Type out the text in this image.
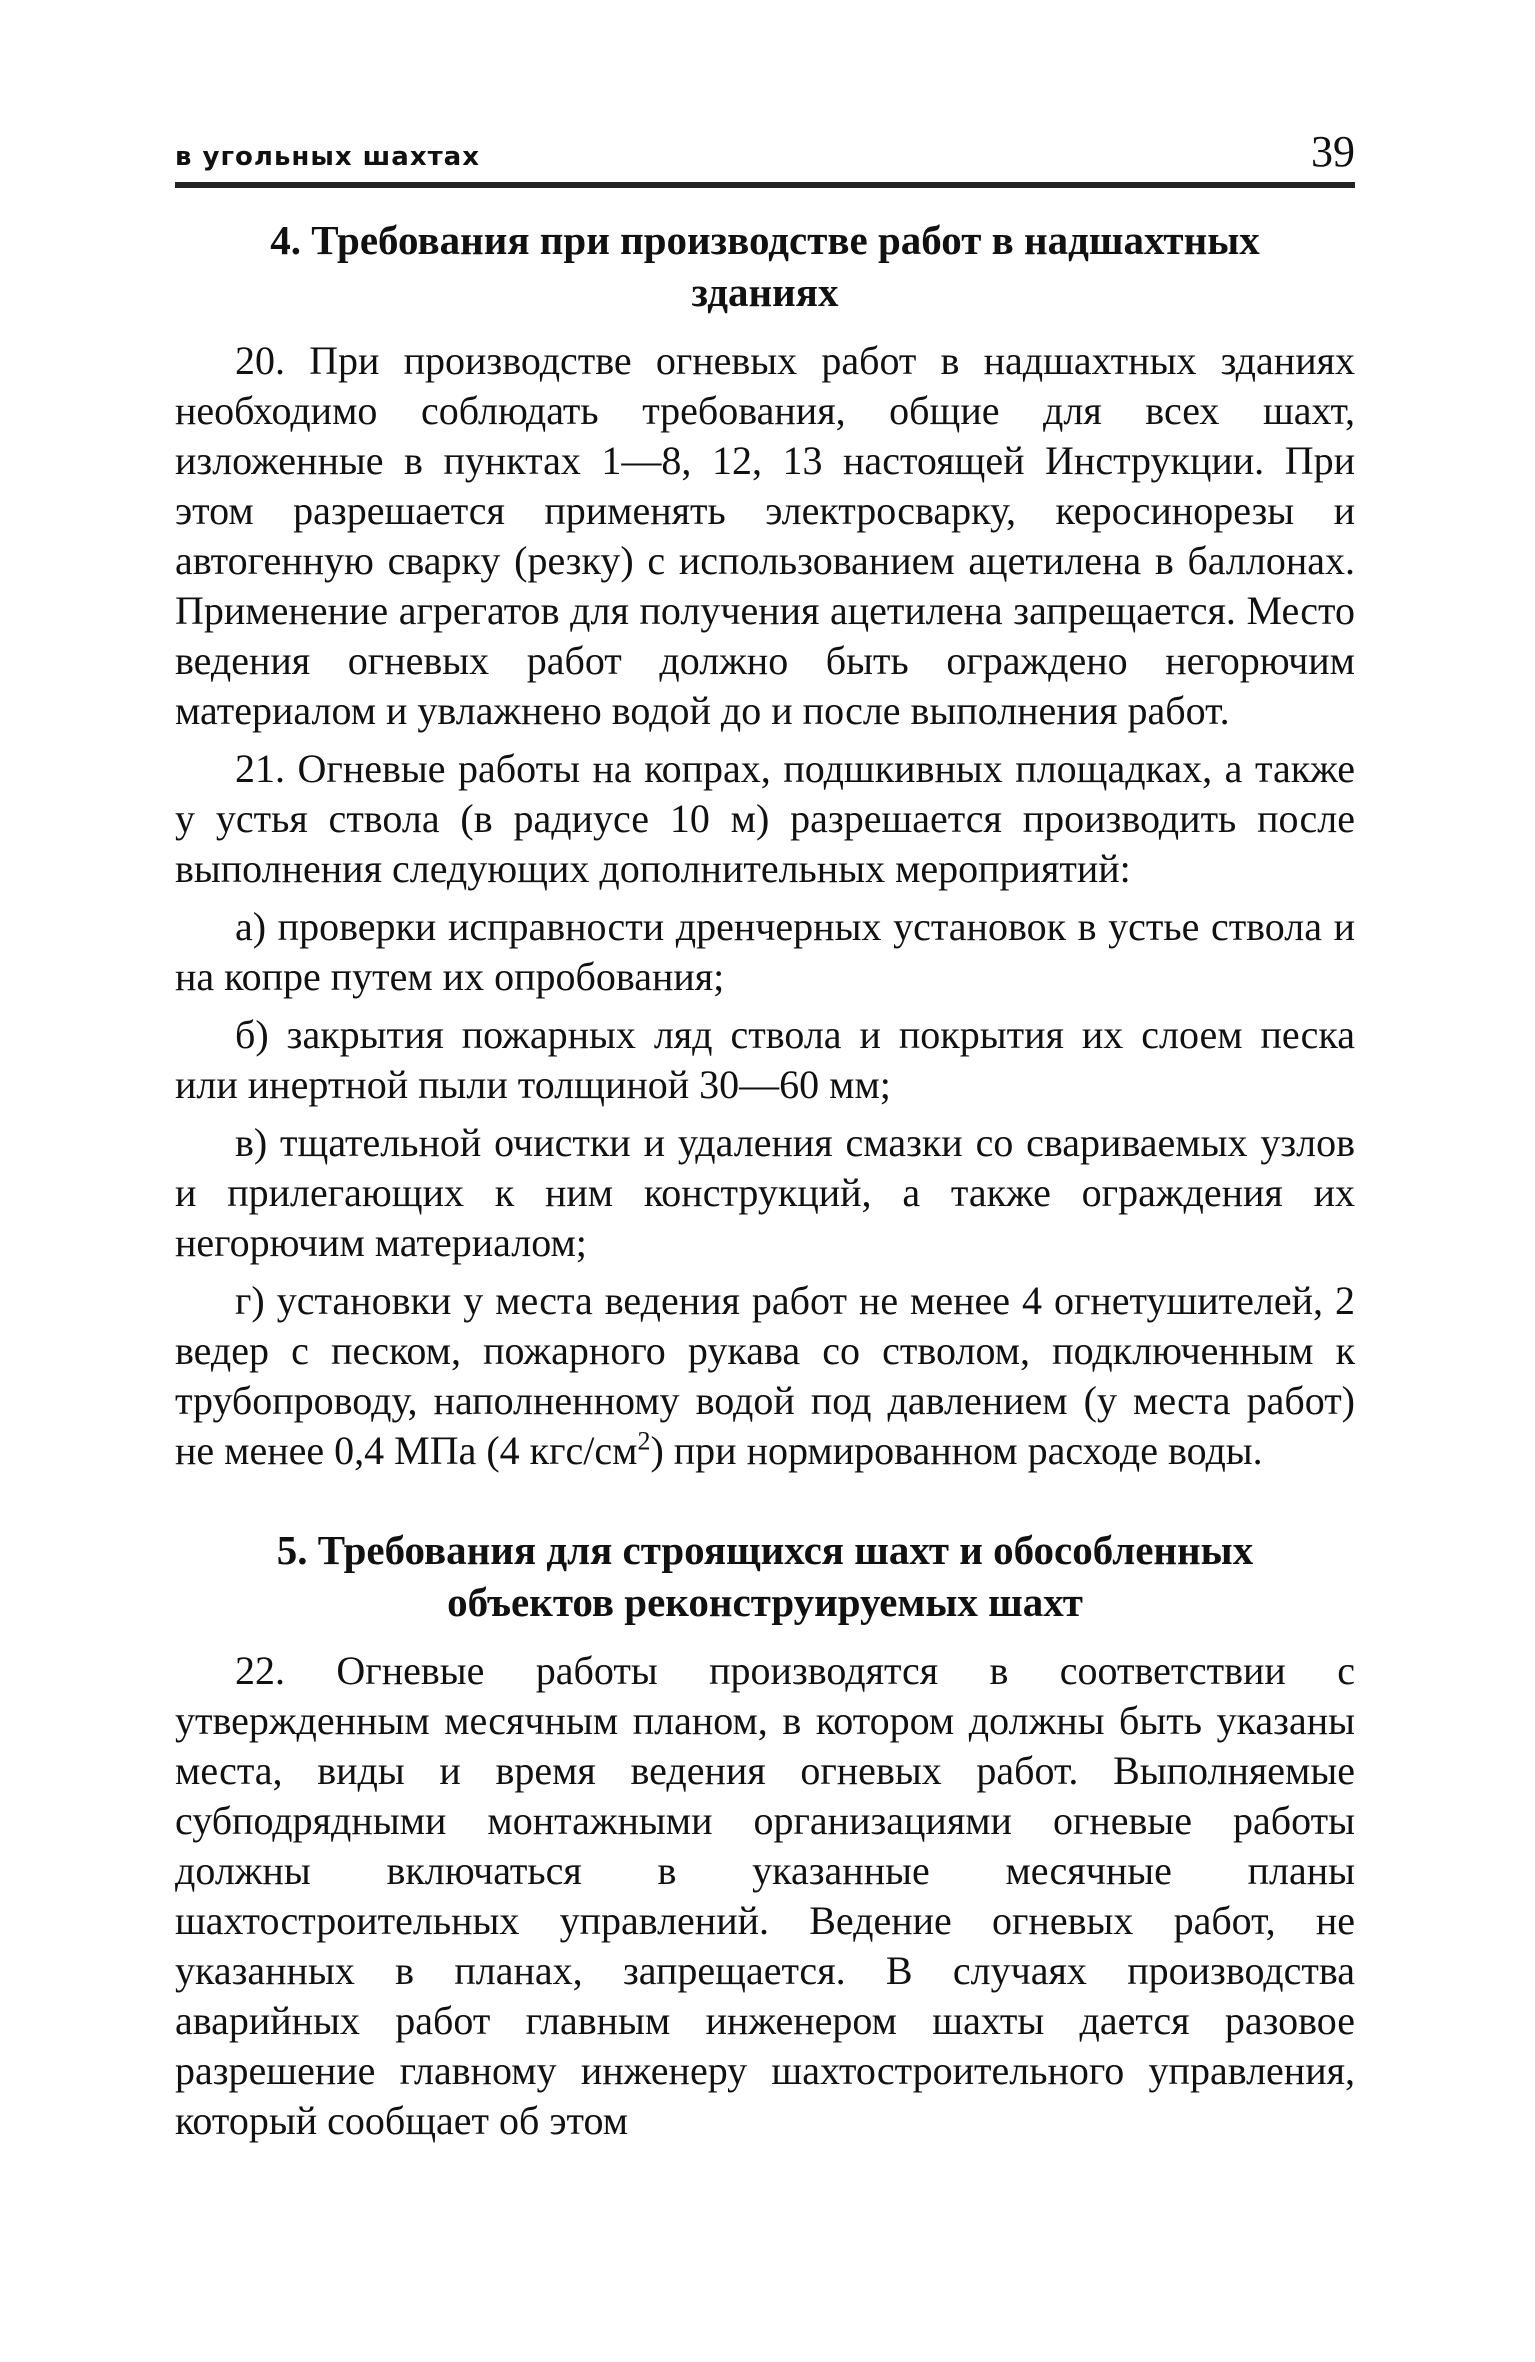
в угольных шахтах	39
4. Требования при производстве работ в надшахтных
зданиях

20. При производстве огневых работ в надшахтных зданиях необходимо соблюдать требования, общие для всех шахт, изложенные в пунктах 1—8, 12, 13 настоящей Инструкции. При этом разрешается применять электросварку, керосинорезы и автогенную сварку (резку) с использованием ацетилена в баллонах. Применение агрегатов для получения ацетилена запрещается. Место ведения огневых работ должно быть ограждено негорючим материалом и увлажнено водой до и после выполнения работ.

21. Огневые работы на копрах, подшкивных площадках, а также у устья ствола (в радиусе 10 м) разрешается производить после выполнения следующих дополнительных мероприятий:

а) проверки исправности дренчерных установок в устье ствола и на копре путем их опробования;

б) закрытия пожарных ляд ствола и покрытия их слоем песка или инертной пыли толщиной 30—60 мм;

в) тщательной очистки и удаления смазки со свариваемых узлов и прилегающих к ним конструкций, а также ограждения их негорючим материалом;

г) установки у места ведения работ не менее 4 огнетушителей, 2 ведер с песком, пожарного рукава со стволом, подключенным к трубопроводу, наполненному водой под давлением (у места работ) не менее 0,4 МПа (4 кгс/$см^2$) при нормированном расходе воды.

5. Требования для строящихся шахт и обособленных
объектов реконструируемых шахт

22. Огневые работы производятся в соответствии с утвержденным месячным планом, в котором должны быть указаны места, виды и время ведения огневых работ. Выполняемые субподрядными монтажными организациями огневые работы должны включаться в указанные месячные планы шахтостроительных управлений. Ведение огневых работ, не указанных в планах, запрещается. В случаях производства аварийных работ главным инженером шахты дается разовое разрешение главному инженеру шахтостроительного управления, который сообщает об этом
